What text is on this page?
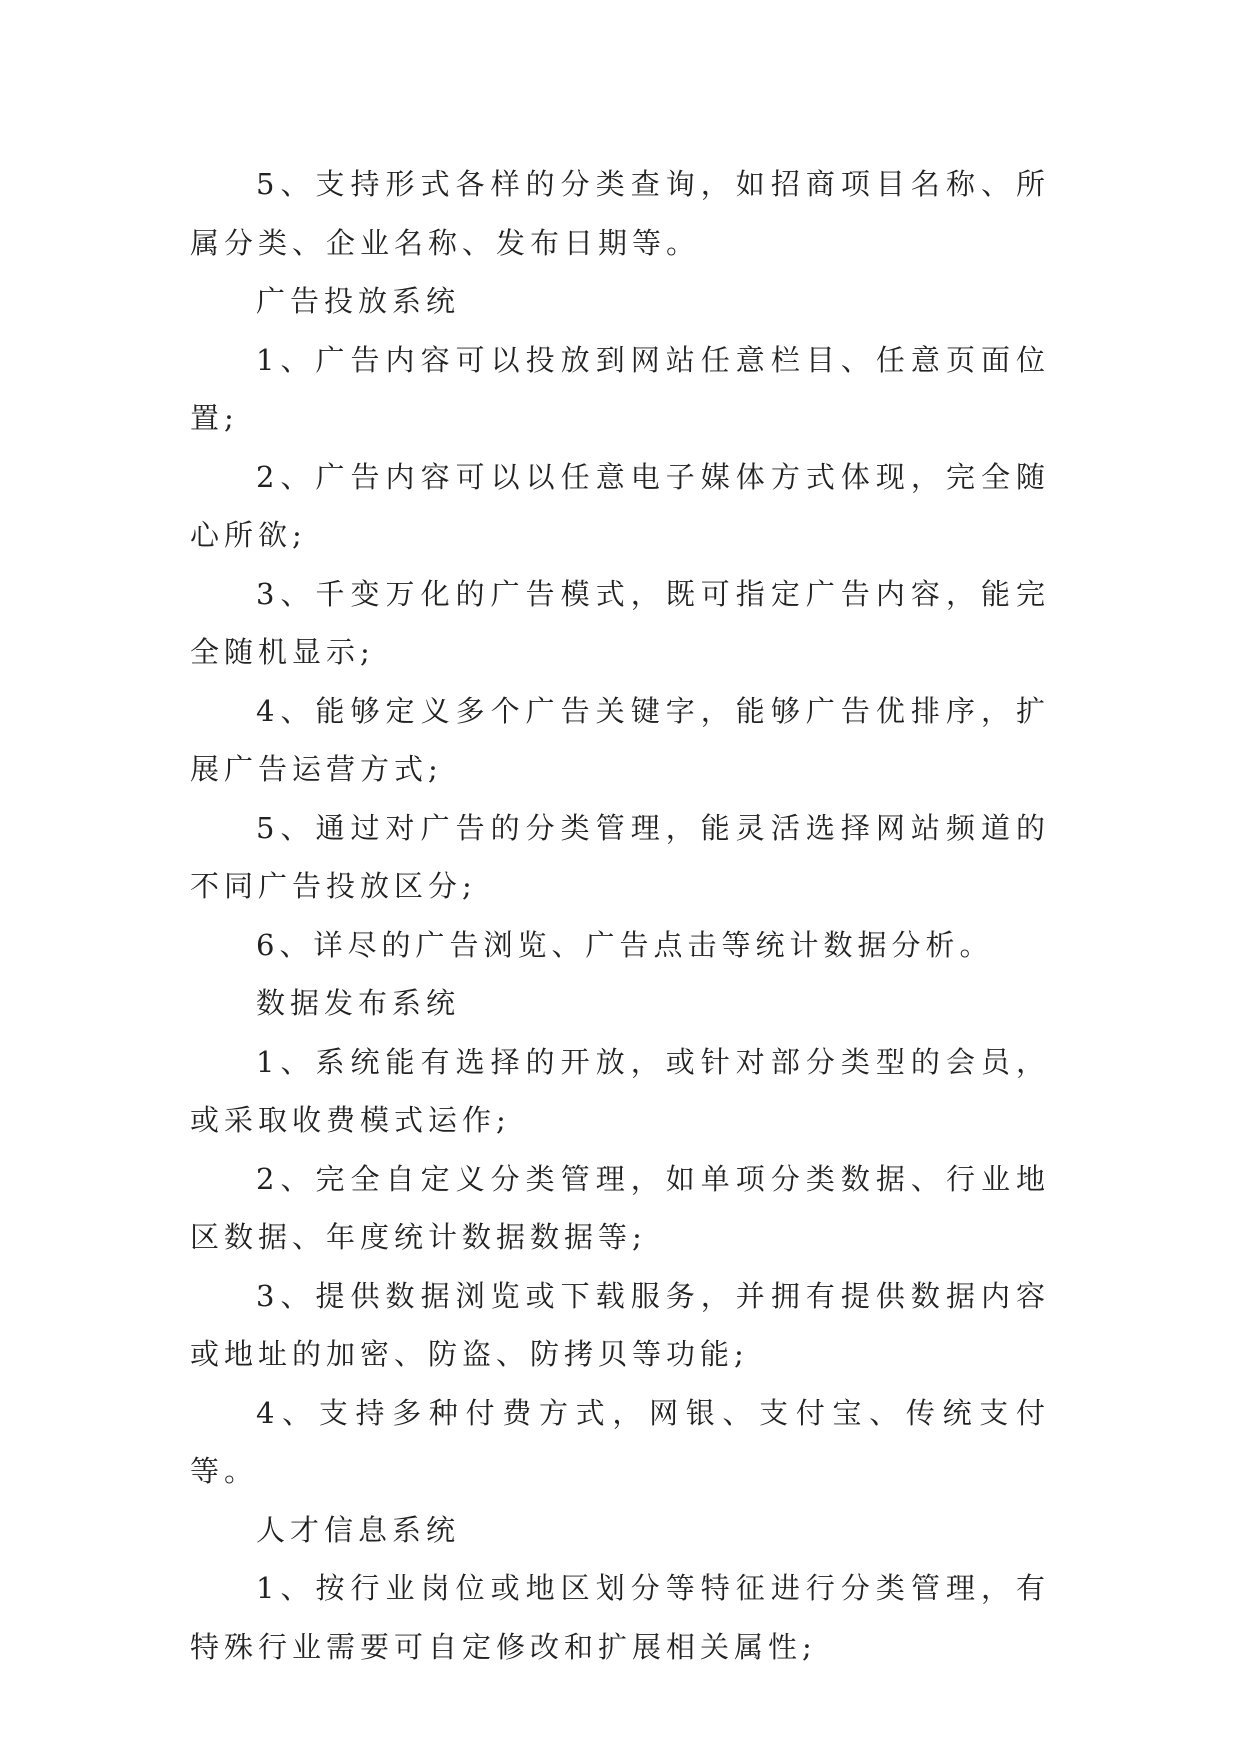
5、支持形式各样的分类查询，如招商项目名称、所属分类、企业名称、发布日期等。

广告投放系统

1、广告内容可以投放到网站任意栏目、任意页面位置;

2、广告内容可以以任意电子媒体方式体现，完全随心所欲;

3、千变万化的广告模式，既可指定广告内容，能完全随机显示;

4、能够定义多个广告关键字，能够广告优排序，扩展广告运营方式;

5、通过对广告的分类管理，能灵活选择网站频道的不同广告投放区分;

6、详尽的广告浏览、广告点击等统计数据分析。

数据发布系统

1、系统能有选择的开放，或针对部分类型的会员，或采取收费模式运作;

2、完全自定义分类管理，如单项分类数据、行业地区数据、年度统计数据数据等;

3、提供数据浏览或下载服务，并拥有提供数据内容或地址的加密、防盗、防拷贝等功能;

4、支持多种付费方式，网银、支付宝、传统支付等。

人才信息系统

1、按行业岗位或地区划分等特征进行分类管理，有特殊行业需要可自定修改和扩展相关属性;
